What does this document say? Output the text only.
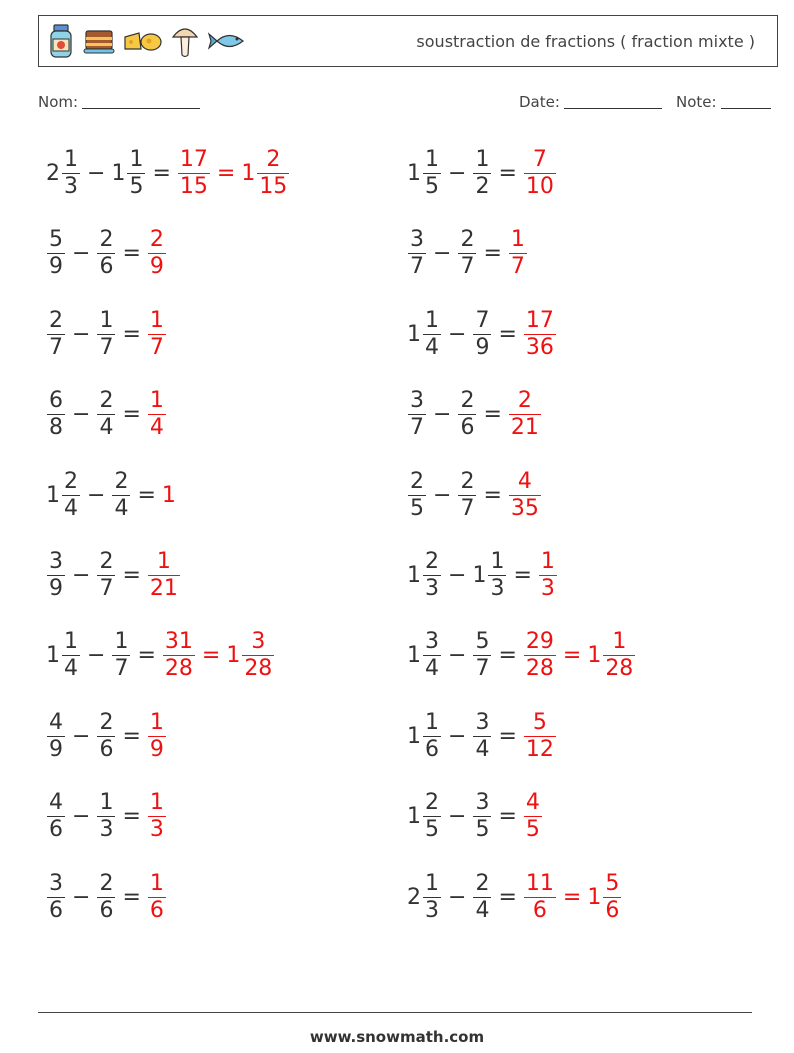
soustraction de fractions ( fraction mixte )
Nom:	Date:	Note:
$2 \frac{1}{3} - 1 \frac{1}{5} = \frac{17}{15} = 1 \frac{2}{15}$
$\frac{5}{9} - \frac{2}{6} = \frac{2}{9}$
$\frac{2}{7} - \frac{1}{7} = \frac{1}{7}$
$\frac{6}{8} - \frac{2}{4} = \frac{1}{4}$
$1 \frac{2}{4} - \frac{2}{4} = 1$
$\frac{3}{9} - \frac{2}{7} = \frac{1}{21}$
$1 \frac{1}{4} - \frac{1}{7} = \frac{31}{28} = 1 \frac{3}{28}$
$\frac{4}{9} - \frac{2}{6} = \frac{1}{9}$
$\frac{4}{6} - \frac{1}{3} = \frac{1}{3}$
$\frac{3}{6} - \frac{2}{6} = \frac{1}{6}$
$1 \frac{1}{5} - \frac{1}{2} = \frac{7}{10}$
$\frac{3}{7} - \frac{2}{7} = \frac{1}{7}$
$1 \frac{1}{4} - \frac{7}{9} = \frac{17}{36}$
$\frac{3}{7} - \frac{2}{6} = \frac{2}{21}$
$\frac{2}{5} - \frac{2}{7} = \frac{4}{35}$
$1 \frac{2}{3} - 1 \frac{1}{3} = \frac{1}{3}$
$1 \frac{3}{4} - \frac{5}{7} = \frac{29}{28} = 1 \frac{1}{28}$
$1 \frac{1}{6} - \frac{3}{4} = \frac{5}{12}$
$1 \frac{2}{5} - \frac{3}{5} = \frac{4}{5}$
$2 \frac{1}{3} - \frac{2}{4} = \frac{11}{6} = 1 \frac{5}{6}$
www.snowmath.com
